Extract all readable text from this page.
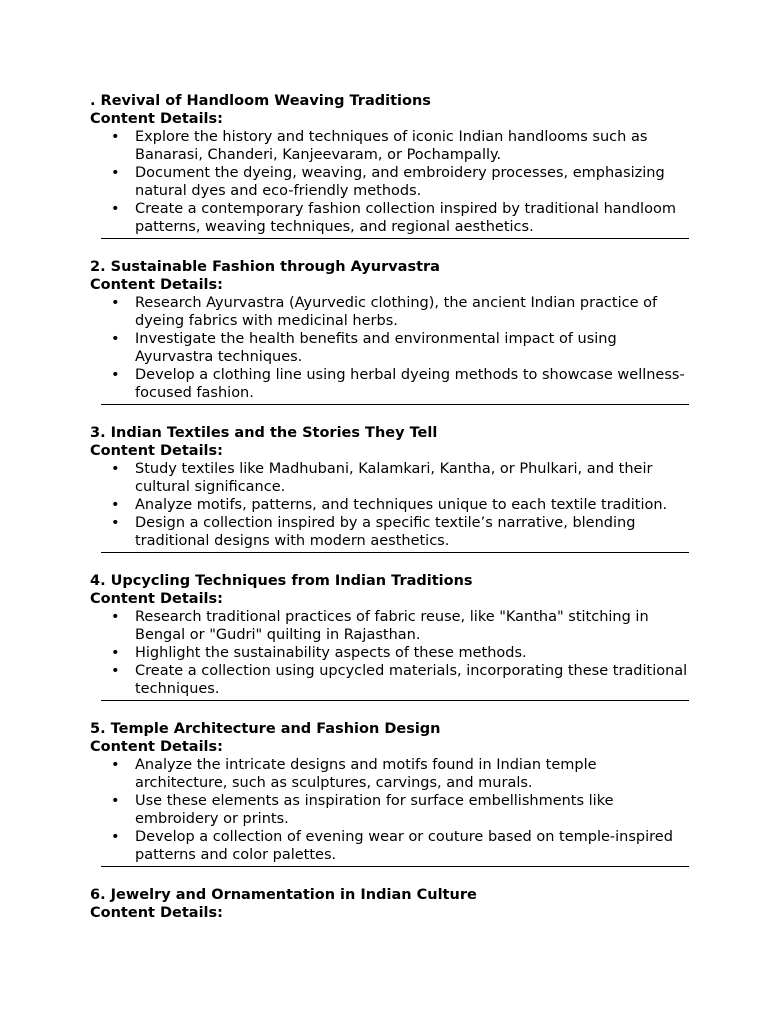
. Revival of Handloom Weaving Traditions

Content Details:

• Explore the history and techniques of iconic Indian handlooms such as Banarasi, Chanderi, Kanjeevaram, or Pochampally.
• Document the dyeing, weaving, and embroidery processes, emphasizing natural dyes and eco-friendly methods.
• Create a contemporary fashion collection inspired by traditional handloom patterns, weaving techniques, and regional aesthetics.

2. Sustainable Fashion through Ayurvastra

Content Details:

• Research Ayurvastra (Ayurvedic clothing), the ancient Indian practice of dyeing fabrics with medicinal herbs.
• Investigate the health benefits and environmental impact of using Ayurvastra techniques.
• Develop a clothing line using herbal dyeing methods to showcase wellness-focused fashion.

3. Indian Textiles and the Stories They Tell

Content Details:

• Study textiles like Madhubani, Kalamkari, Kantha, or Phulkari, and their cultural significance.
• Analyze motifs, patterns, and techniques unique to each textile tradition.
• Design a collection inspired by a specific textile’s narrative, blending traditional designs with modern aesthetics.

4. Upcycling Techniques from Indian Traditions

Content Details:

• Research traditional practices of fabric reuse, like "Kantha" stitching in Bengal or "Gudri" quilting in Rajasthan.
• Highlight the sustainability aspects of these methods.
• Create a collection using upcycled materials, incorporating these traditional techniques.

5. Temple Architecture and Fashion Design

Content Details:

• Analyze the intricate designs and motifs found in Indian temple architecture, such as sculptures, carvings, and murals.
• Use these elements as inspiration for surface embellishments like embroidery or prints.
• Develop a collection of evening wear or couture based on temple-inspired patterns and color palettes.

6. Jewelry and Ornamentation in Indian Culture

Content Details:
